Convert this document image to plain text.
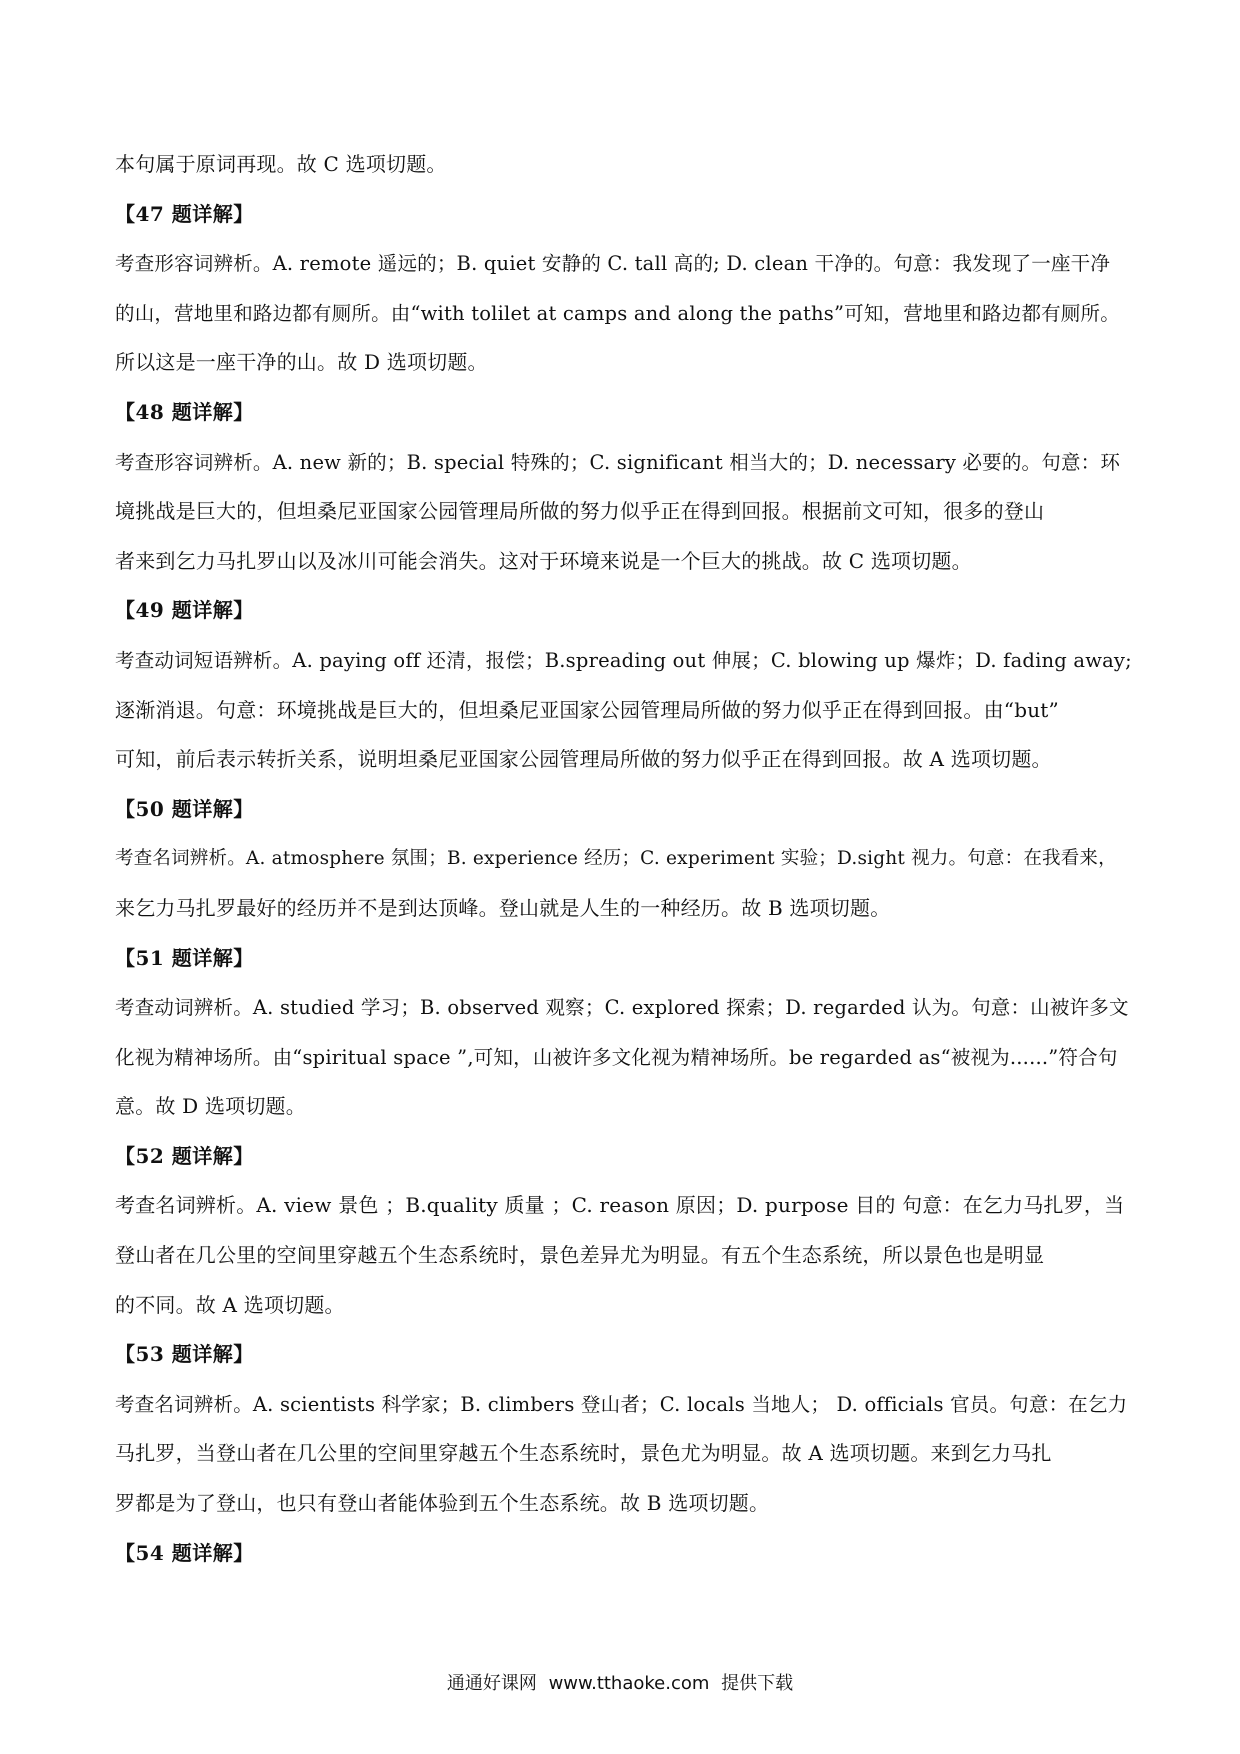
本句属于原词再现。故 C 选项切题。
【47 题详解】
考查形容词辨析。A. remote 遥远的；B. quiet 安静的 C. tall 高的; D. clean 干净的。句意：我发现了一座干净
的山，营地里和路边都有厕所。由“with tolilet at camps and along the paths”可知，营地里和路边都有厕所。
所以这是一座干净的山。故 D 选项切题。
【48 题详解】
考查形容词辨析。A. new 新的；B. special 特殊的；C. significant 相当大的；D. necessary 必要的。句意：环
境挑战是巨大的，但坦桑尼亚国家公园管理局所做的努力似乎正在得到回报。根据前文可知，很多的登山
者来到乞力马扎罗山以及冰川可能会消失。这对于环境来说是一个巨大的挑战。故 C 选项切题。
【49 题详解】
考查动词短语辨析。A. paying off 还清，报偿；B.spreading out 伸展；C. blowing up 爆炸；D. fading away;
逐渐消退。句意：环境挑战是巨大的，但坦桑尼亚国家公园管理局所做的努力似乎正在得到回报。由“but”
可知，前后表示转折关系，说明坦桑尼亚国家公园管理局所做的努力似乎正在得到回报。故 A 选项切题。
【50 题详解】
考查名词辨析。A. atmosphere 氛围；B. experience 经历；C. experiment 实验；D.sight 视力。句意：在我看来，
来乞力马扎罗最好的经历并不是到达顶峰。登山就是人生的一种经历。故 B 选项切题。
【51 题详解】
考查动词辨析。A. studied 学习；B. observed 观察；C. explored 探索；D. regarded 认为。句意：山被许多文
化视为精神场所。由“spiritual space ”,可知，山被许多文化视为精神场所。be regarded as“被视为......”符合句
意。故 D 选项切题。
【52 题详解】
考查名词辨析。A. view 景色 ；B.quality 质量 ；C. reason 原因；D. purpose 目的 句意：在乞力马扎罗，当
登山者在几公里的空间里穿越五个生态系统时，景色差异尤为明显。有五个生态系统，所以景色也是明显
的不同。故 A 选项切题。
【53 题详解】
考查名词辨析。A. scientists 科学家；B. climbers 登山者；C. locals 当地人； D. officials 官员。句意：在乞力
马扎罗，当登山者在几公里的空间里穿越五个生态系统时，景色尤为明显。故 A 选项切题。来到乞力马扎
罗都是为了登山，也只有登山者能体验到五个生态系统。故 B 选项切题。
【54 题详解】
通通好课网 www.tthaoke.com 提供下载
